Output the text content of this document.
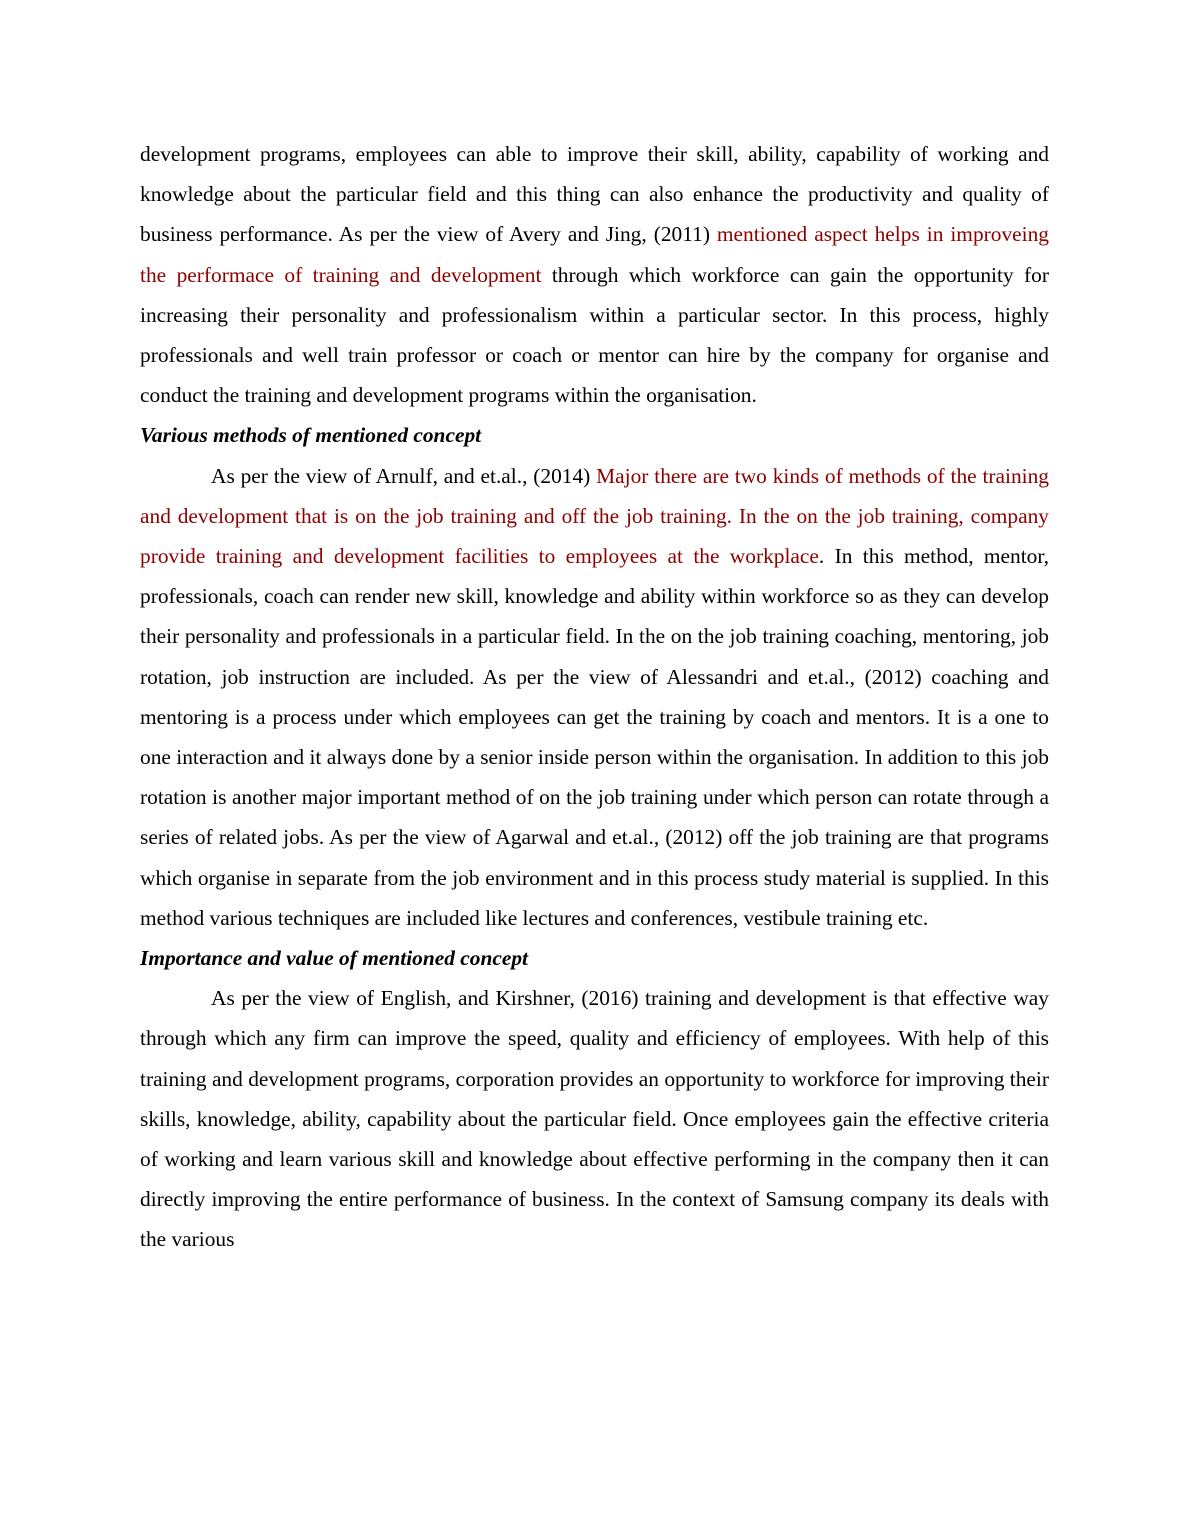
development programs, employees can able to improve their skill, ability, capability of working and knowledge about the particular field and this thing can also enhance the productivity and quality of business performance. As per the view of Avery and Jing, (2011) mentioned aspect helps in improveing the performace of training and development through which workforce can gain the opportunity for increasing their personality and professionalism within a particular sector. In this process, highly professionals and well train professor or coach or mentor can hire by the company for organise and conduct the training and development programs within the organisation.

Various methods of mentioned concept

As per the view of Arnulf, and et.al., (2014) Major there are two kinds of methods of the training and development that is on the job training and off the job training. In the on the job training, company provide training and development facilities to employees at the workplace. In this method, mentor, professionals, coach can render new skill, knowledge and ability within workforce so as they can develop their personality and professionals in a particular field. In the on the job training coaching, mentoring, job rotation, job instruction are included. As per the view of Alessandri and et.al., (2012) coaching and mentoring is a process under which employees can get the training by coach and mentors. It is a one to one interaction and it always done by a senior inside person within the organisation. In addition to this job rotation is another major important method of on the job training under which person can rotate through a series of related jobs. As per the view of Agarwal and et.al., (2012) off the job training are that programs which organise in separate from the job environment and in this process study material is supplied. In this method various techniques are included like lectures and conferences, vestibule training etc.

Importance and value of mentioned concept

As per the view of English, and Kirshner, (2016) training and development is that effective way through which any firm can improve the speed, quality and efficiency of employees. With help of this training and development programs, corporation provides an opportunity to workforce for improving their skills, knowledge, ability, capability about the particular field. Once employees gain the effective criteria of working and learn various skill and knowledge about effective performing in the company then it can directly improving the entire performance of business. In the context of Samsung company its deals with the various
